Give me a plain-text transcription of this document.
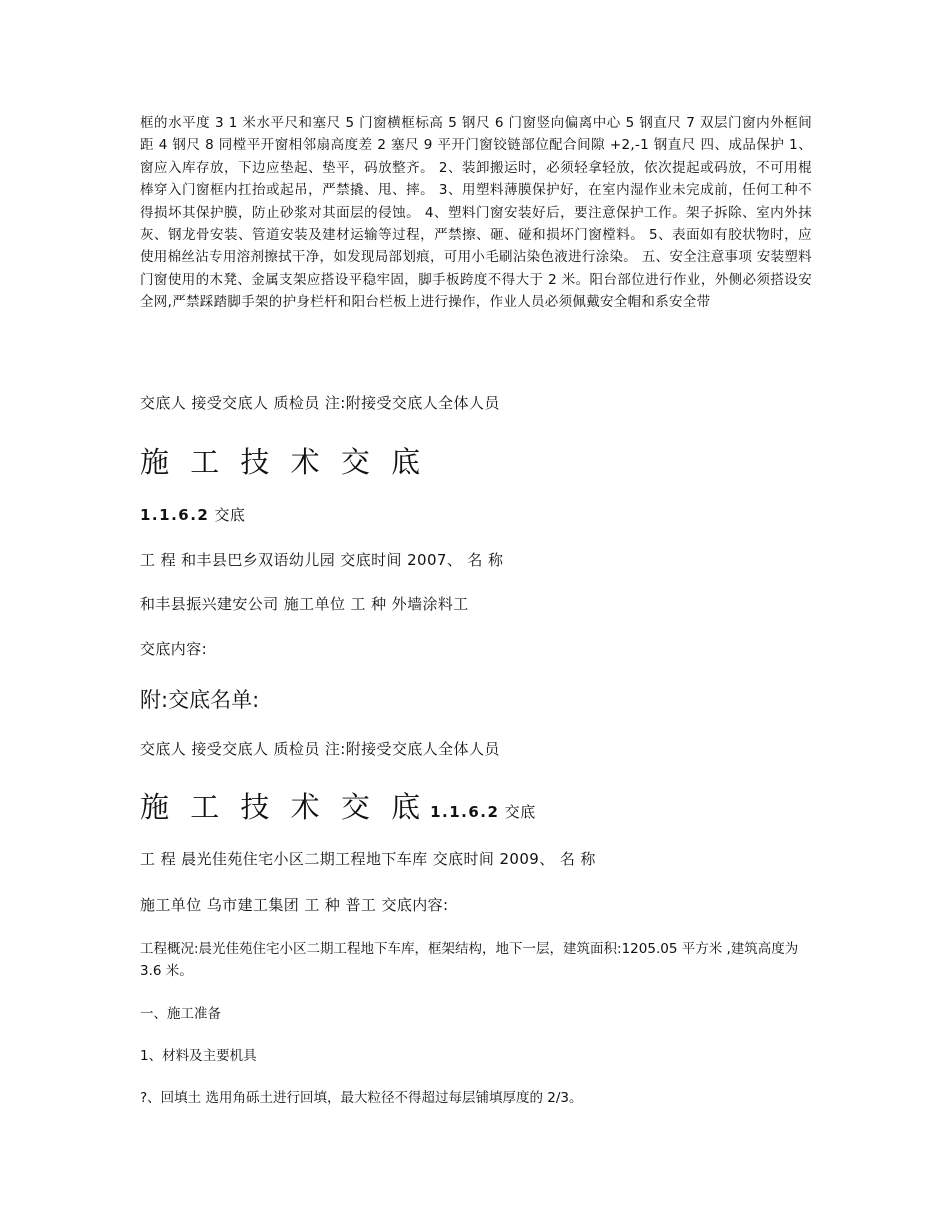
框的水平度 3 1 米水平尺和塞尺 5 门窗横框标高 5 钢尺 6 门窗竖向偏离中心 5 钢直尺 7 双层门窗内外框间距 4 钢尺 8 同樘平开窗相邻扇高度差 2 塞尺 9 平开门窗铰链部位配合间隙 +2,-1 钢直尺 四、成品保护 1、窗应入库存放，下边应垫起、垫平，码放整齐。 2、装卸搬运时，必须轻拿轻放，依次提起或码放，不可用棍棒穿入门窗框内扛抬或起吊，严禁撬、甩、摔。 3、用塑料薄膜保护好，在室内湿作业未完成前，任何工种不得损坏其保护膜，防止砂浆对其面层的侵蚀。 4、塑料门窗安装好后，要注意保护工作。架子拆除、室内外抹灰、钢龙骨安装、管道安装及建材运输等过程，严禁擦、砸、碰和损坏门窗樘料。 5、表面如有胶状物时，应使用棉丝沾专用溶剂擦拭干净，如发现局部划痕，可用小毛刷沾染色液进行涂染。 五、安全注意事项 安装塑料门窗使用的木凳、金属支架应搭设平稳牢固，脚手板跨度不得大于 2 米。阳台部位进行作业，外侧必须搭设安全网,严禁踩踏脚手架的护身栏杆和阳台栏板上进行操作，作业人员必须佩戴安全帽和系安全带

交底人 接受交底人 质检员 注:附接受交底人全体人员

施 工 技 术 交 底

1.1.6.2 交底

工 程 和丰县巴乡双语幼儿园 交底时间 2007、 名 称

和丰县振兴建安公司 施工单位 工 种 外墙涂料工

交底内容:

附:交底名单:

交底人 接受交底人 质检员 注:附接受交底人全体人员

施 工 技 术 交 底 1.1.6.2 交底

工 程 晨光佳苑住宅小区二期工程地下车库 交底时间 2009、 名 称

施工单位 乌市建工集团 工 种 普工 交底内容:

工程概况:晨光佳苑住宅小区二期工程地下车库，框架结构，地下一层，建筑面积:1205.05 平方米 ,建筑高度为 3.6 米。

一、施工准备

1、材料及主要机具

?、回填土 选用角砾土进行回填，最大粒径不得超过每层铺填厚度的 2/3。
